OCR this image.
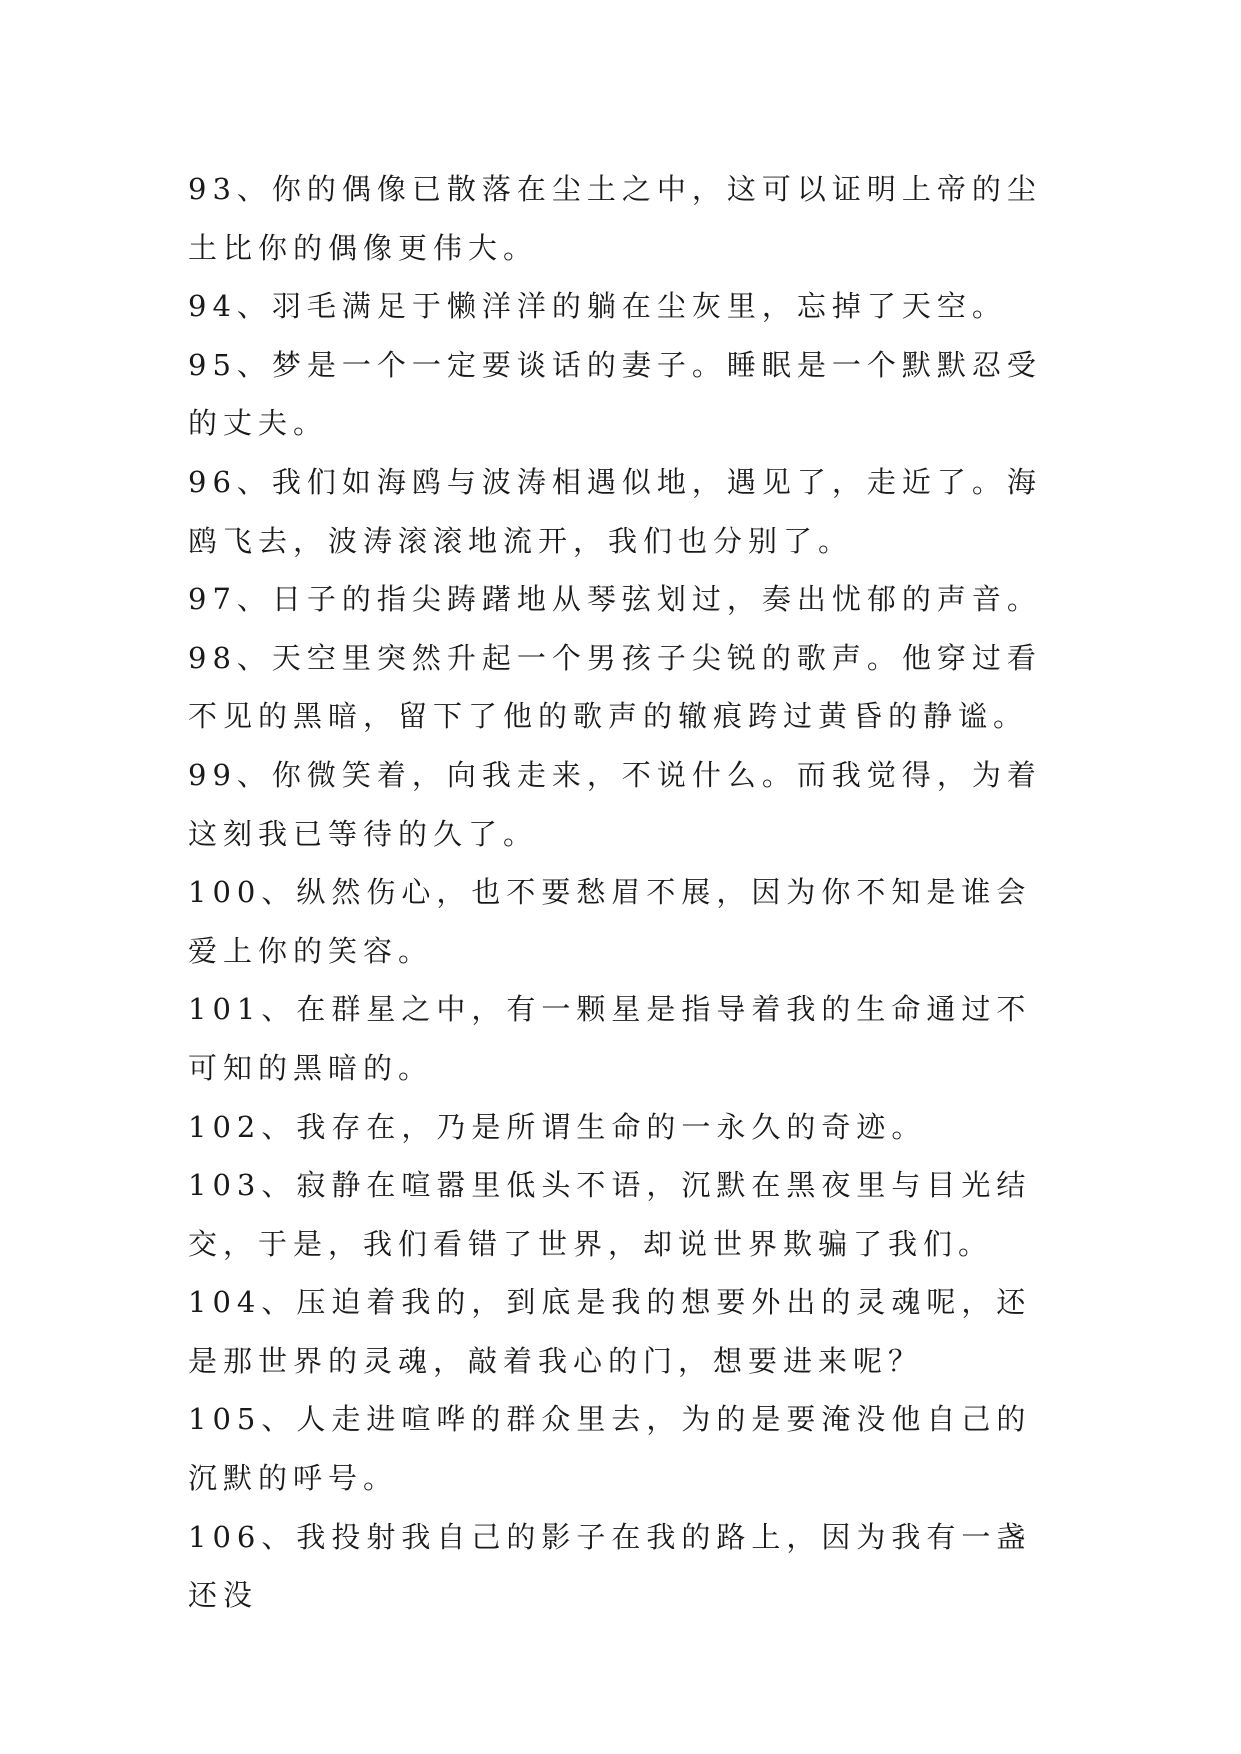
93、你的偶像已散落在尘土之中，这可以证明上帝的尘土比你的偶像更伟大。

94、羽毛满足于懒洋洋的躺在尘灰里，忘掉了天空。

95、梦是一个一定要谈话的妻子。睡眠是一个默默忍受的丈夫。

96、我们如海鸥与波涛相遇似地，遇见了，走近了。海鸥飞去，波涛滚滚地流开，我们也分别了。

97、日子的指尖踌躇地从琴弦划过，奏出忧郁的声音。

98、天空里突然升起一个男孩子尖锐的歌声。他穿过看不见的黑暗，留下了他的歌声的辙痕跨过黄昏的静谧。

99、你微笑着，向我走来，不说什么。而我觉得，为着这刻我已等待的久了。

100、纵然伤心，也不要愁眉不展，因为你不知是谁会爱上你的笑容。

101、在群星之中，有一颗星是指导着我的生命通过不可知的黑暗的。

102、我存在，乃是所谓生命的一永久的奇迹。

103、寂静在喧嚣里低头不语，沉默在黑夜里与目光结交，于是，我们看错了世界，却说世界欺骗了我们。

104、压迫着我的，到底是我的想要外出的灵魂呢，还是那世界的灵魂，敲着我心的门，想要进来呢？

105、人走进喧哗的群众里去，为的是要淹没他自己的沉默的呼号。

106、我投射我自己的影子在我的路上，因为我有一盏还没
